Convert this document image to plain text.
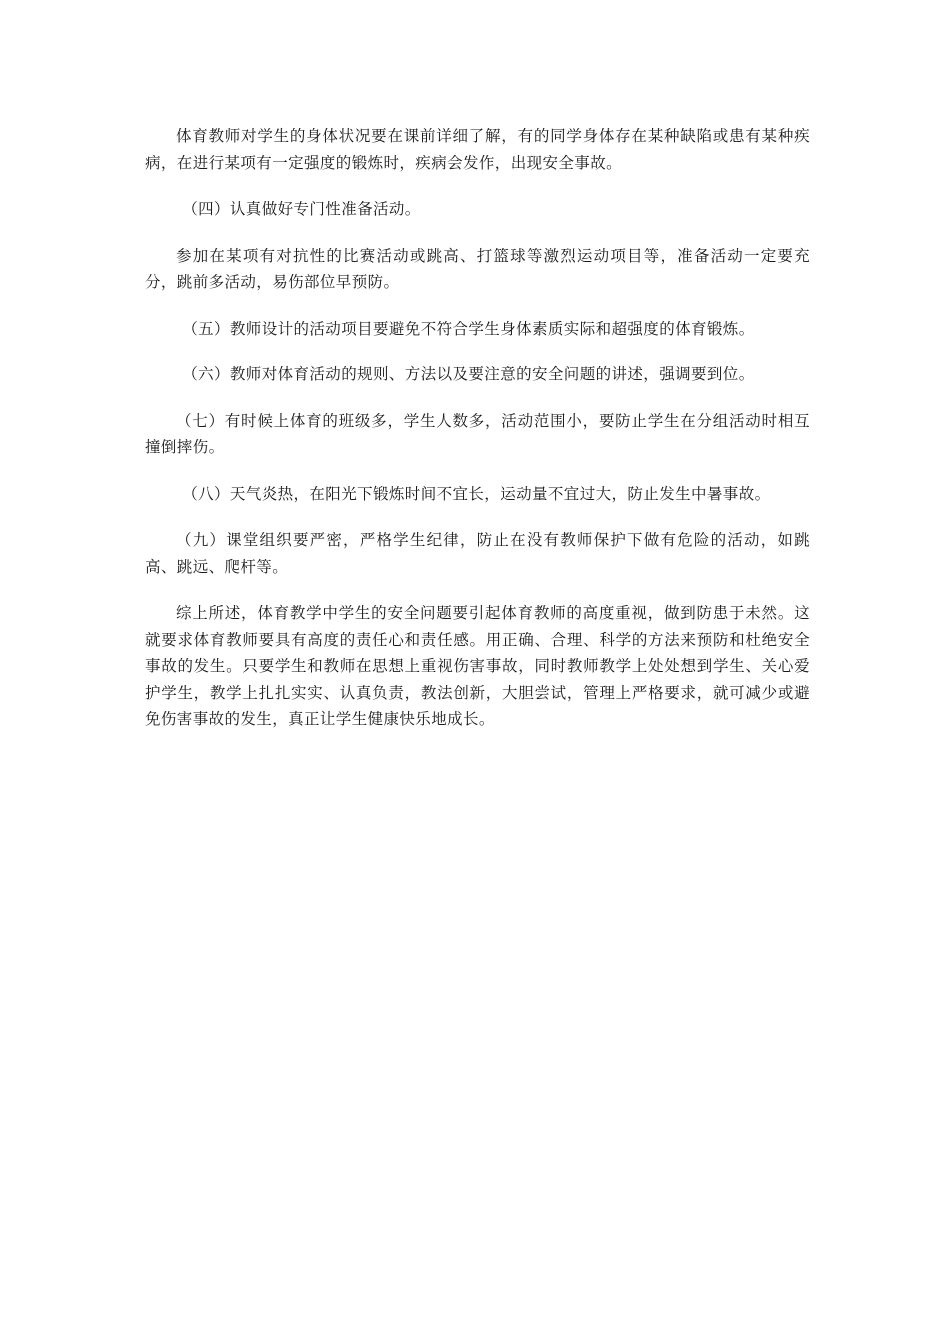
体育教师对学生的身体状况要在课前详细了解，有的同学身体存在某种缺陷或患有某种疾病，在进行某项有一定强度的锻炼时，疾病会发作，出现安全事故。

（四）认真做好专门性准备活动。

参加在某项有对抗性的比赛活动或跳高、打篮球等激烈运动项目等，准备活动一定要充分，跳前多活动，易伤部位早预防。

（五）教师设计的活动项目要避免不符合学生身体素质实际和超强度的体育锻炼。

（六）教师对体育活动的规则、方法以及要注意的安全问题的讲述，强调要到位。

（七）有时候上体育的班级多，学生人数多，活动范围小，要防止学生在分组活动时相互撞倒摔伤。

（八）天气炎热，在阳光下锻炼时间不宜长，运动量不宜过大，防止发生中暑事故。

（九）课堂组织要严密，严格学生纪律，防止在没有教师保护下做有危险的活动，如跳高、跳远、爬杆等。

综上所述，体育教学中学生的安全问题要引起体育教师的高度重视，做到防患于未然。这就要求体育教师要具有高度的责任心和责任感。用正确、合理、科学的方法来预防和杜绝安全事故的发生。只要学生和教师在思想上重视伤害事故，同时教师教学上处处想到学生、关心爱护学生，教学上扎扎实实、认真负责，教法创新，大胆尝试，管理上严格要求，就可减少或避免伤害事故的发生，真正让学生健康快乐地成长。
